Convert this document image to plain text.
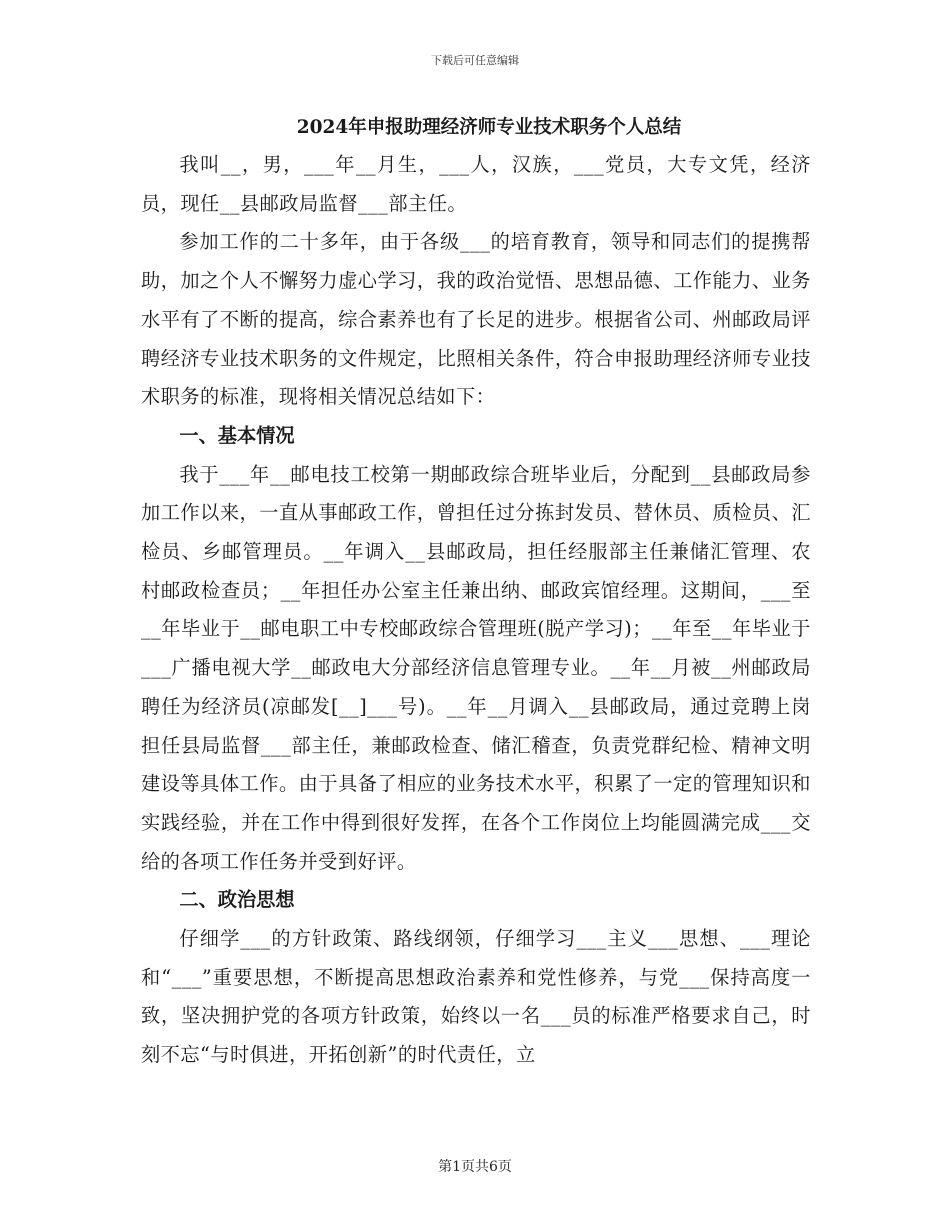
下载后可任意编辑
2024年申报助理经济师专业技术职务个人总结

我叫__，男，___年__月生，___人，汉族，___党员，大专文凭，经济员，现任__县邮政局监督___部主任。

参加工作的二十多年，由于各级___的培育教育，领导和同志们的提携帮助，加之个人不懈努力虚心学习，我的政治觉悟、思想品德、工作能力、业务水平有了不断的提高，综合素养也有了长足的进步。根据省公司、州邮政局评聘经济专业技术职务的文件规定，比照相关条件，符合申报助理经济师专业技术职务的标准，现将相关情况总结如下：

一、基本情况

我于___年__邮电技工校第一期邮政综合班毕业后，分配到__县邮政局参加工作以来，一直从事邮政工作，曾担任过分拣封发员、替休员、质检员、汇检员、乡邮管理员。__年调入__县邮政局，担任经服部主任兼储汇管理、农村邮政检查员；__年担任办公室主任兼出纳、邮政宾馆经理。这期间，___至__年毕业于__邮电职工中专校邮政综合管理班(脱产学习)；__年至__年毕业于___广播电视大学__邮政电大分部经济信息管理专业。__年__月被__州邮政局聘任为经济员(凉邮发[__]___号)。__年__月调入__县邮政局，通过竞聘上岗担任县局监督___部主任，兼邮政检查、储汇稽查，负责党群纪检、精神文明建设等具体工作。由于具备了相应的业务技术水平，积累了一定的管理知识和实践经验，并在工作中得到很好发挥，在各个工作岗位上均能圆满完成___交给的各项工作任务并受到好评。

二、政治思想

仔细学___的方针政策、路线纲领，仔细学习___主义___思想、___理论和“___”重要思想，不断提高思想政治素养和党性修养，与党___保持高度一致，坚决拥护党的各项方针政策，始终以一名___员的标准严格要求自己，时刻不忘“与时俱进，开拓创新”的时代责任，立

第1页共6页
